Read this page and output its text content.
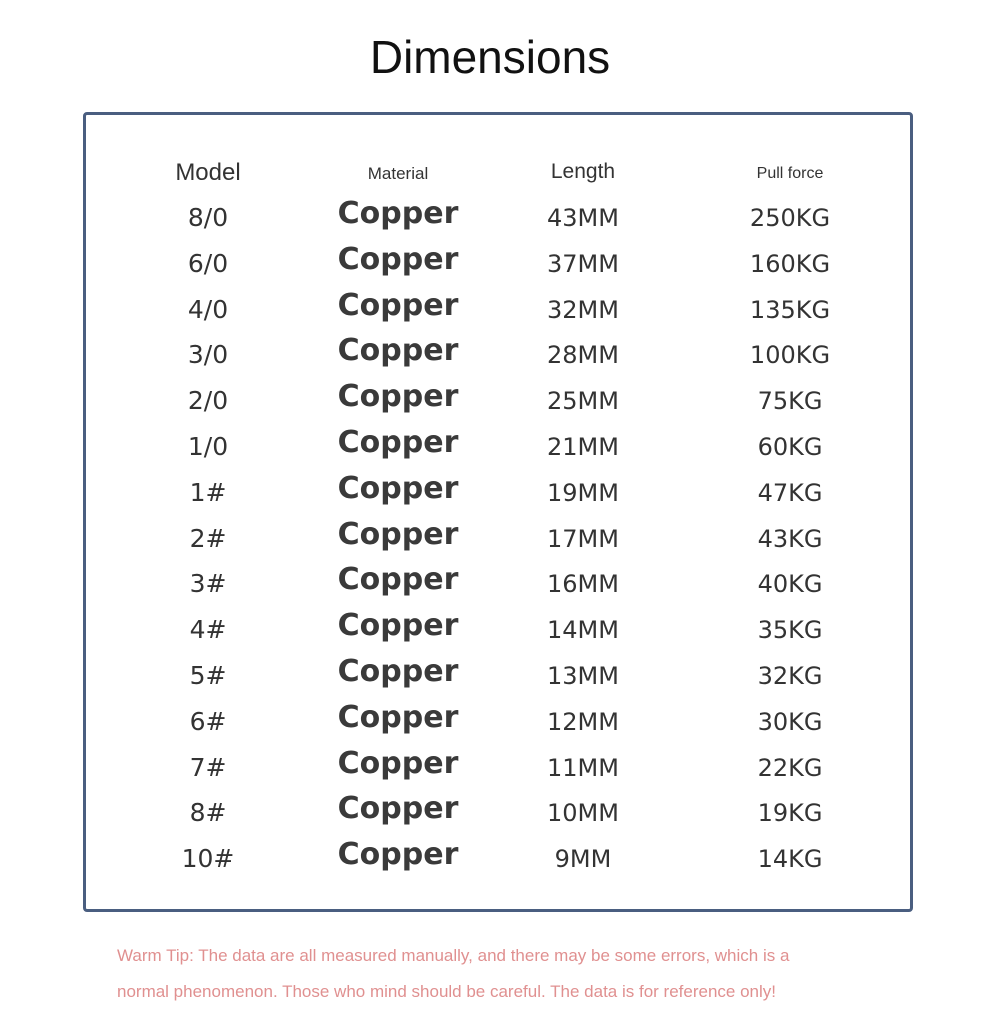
Dimensions
Model	Material	Length	Pull force
8/0	Copper	43MM	250KG
6/0	Copper	37MM	160KG
4/0	Copper	32MM	135KG
3/0	Copper	28MM	100KG
2/0	Copper	25MM	75KG
1/0	Copper	21MM	60KG
1#	Copper	19MM	47KG
2#	Copper	17MM	43KG
3#	Copper	16MM	40KG
4#	Copper	14MM	35KG
5#	Copper	13MM	32KG
6#	Copper	12MM	30KG
7#	Copper	11MM	22KG
8#	Copper	10MM	19KG
10#	Copper	9MM	14KG
Warm Tip: The data are all measured manually, and there may be some errors, which is a
normal phenomenon. Those who mind should be careful. The data is for reference only!
